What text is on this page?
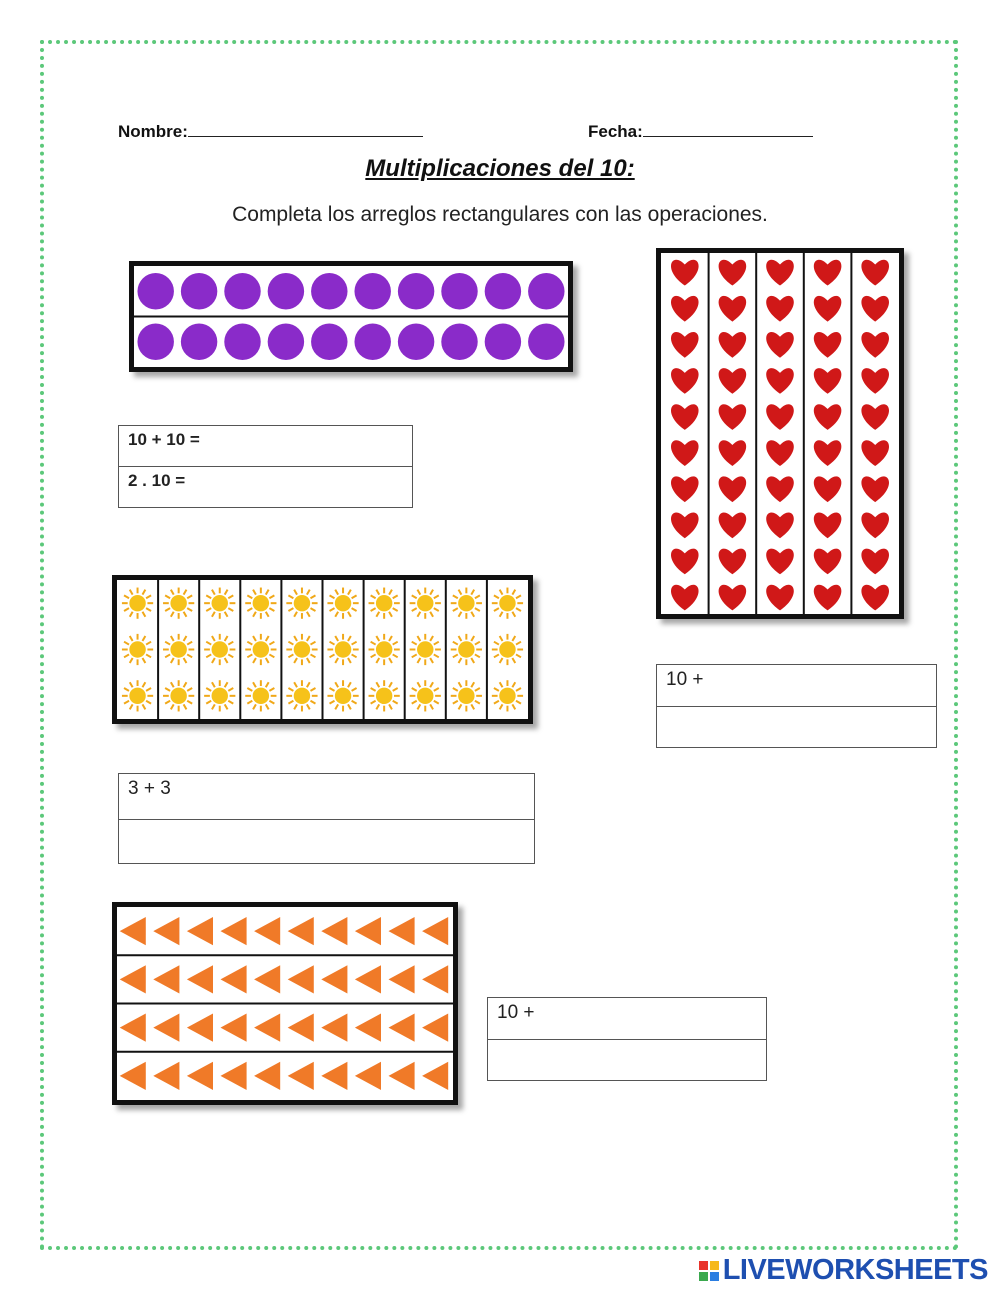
Nombre:	Fecha:
Multiplicaciones del 10:
Completa los arreglos rectangulares con las operaciones.
10 + 10 =
2 . 10 =
10 +
3 + 3
10 +
LIVEWORKSHEETS
